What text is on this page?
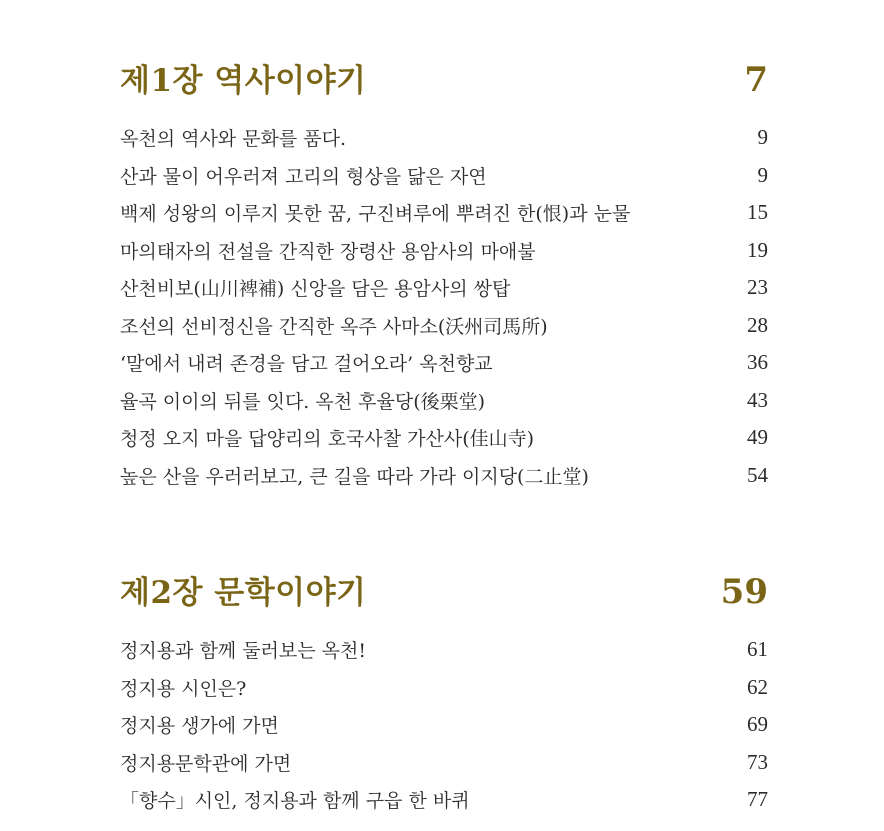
제1장 역사이야기	7
옥천의 역사와 문화를 품다.	9
산과 물이 어우러져 고리의 형상을 닮은 자연	9
백제 성왕의 이루지 못한 꿈, 구진벼루에 뿌려진 한(恨)과 눈물	15
마의태자의 전설을 간직한 장령산 용암사의 마애불	19
산천비보(山川裨補) 신앙을 담은 용암사의 쌍탑	23
조선의 선비정신을 간직한 옥주 사마소(沃州司馬所)	28
‘말에서 내려 존경을 담고 걸어오라’ 옥천향교	36
율곡 이이의 뒤를 잇다. 옥천 후율당(後栗堂)	43
청정 오지 마을 답양리의 호국사찰 가산사(佳山寺)	49
높은 산을 우러러보고, 큰 길을 따라 가라 이지당(二止堂)	54
제2장 문학이야기	59
정지용과 함께 둘러보는 옥천!	61
정지용 시인은?	62
정지용 생가에 가면	69
정지용문학관에 가면	73
「향수」시인, 정지용과 함께 구읍 한 바퀴	77
